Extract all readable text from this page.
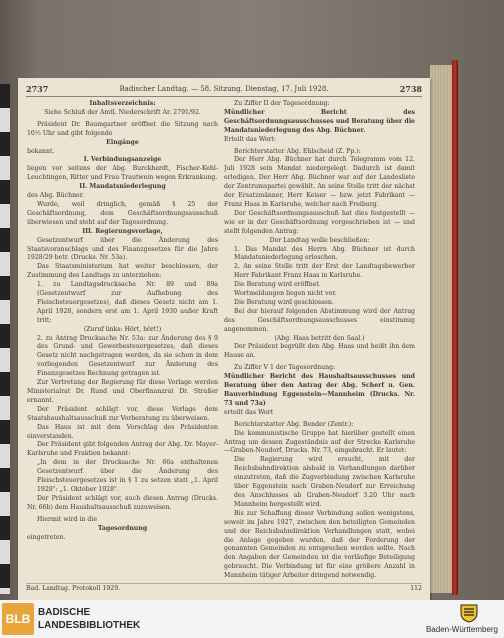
2737	Badischer Landtag. — 58. Sitzung. Dienstag, 17. Juli 1928.	2738

Inhaltsverzeichnis:

Siehe Schluß der Amtl. Niederschrift Ar. 2791/92.

Präsident Dr. Baumgartner eröffnet die Sitzung nach 10½ Uhr und gibt folgende

Eingänge

bekannt.

I. Verbindungsanzeige

liegen vor seitens der Abg. Burckhardt, Fischer-Kehl-Leuchtingen, Ritter und Frau Trautwein wegen Erkrankung.

II. Mandatsniederlegung

des Abg. Büchner.

Wurde, weil dringlich, gemäß § 25 der Geschäftsordnung, dem Geschäftsordnungsausschuß überwiesen und steht auf der Tagesordnung.

III. Regierungsvorlage,

Gesetzentwurf über die Änderung des Staatsvoranschlags und des Finanzgesetzes für die Jahre 1928/29 betr. (Drucks. Nr. 53a).

Das Staatsministerium hat weiter beschlossen, der Zustimmung des Landtags zu unterziehen:

1. zu Landtagsdrucksache Nr. 89 und 89a (Gesetzentwurf zur Aufhebung des Fleischsteuergesetzes), daß dieses Gesetz nicht am 1. April 1928, sondern erst am 1. April 1930 außer Kraft tritt;

(Zuruf links: Hört, hört!)

2. zu Antrag Drucksache Nr. 53a: zur Änderung des § 9 des Grund- und Gewerbesteuergesetzes, daß dieses Gesetz nicht nachgetragen werden, da sie schon in dem vorliegenden Gesetzentwurf zur Änderung des Finanzgesetzes Rechnung getragen ist.

Zur Vertretung der Regierung für diese Vorlage werden Ministerialrat Dr. Rund und Oberfinanzrat Dr. Straßer ernannt.

Der Präsident schlägt vor, diese Vorlage dem Staatshaushaltsausschuß zur Vorberatung zu überweisen.

Das Haus ist mit dem Vorschlag des Präsidenten einverstanden.

Der Präsident gibt folgenden Antrag der Abg. Dr. Mayer-Karlsruhe und Fraktion bekannt:

„In dem in der Drucksache Nr. 66a enthaltenen Gesetzentwurf über die Änderung des Fleischsteuergesetzes ist in § 1 zu setzen statt „1. April 1929": „1. Oktober 1928".

Der Präsident schlägt vor, auch diesen Antrag (Drucks. Nr. 66b) dem Haushaltsausschuß zuzuweisen.

Hiermit wird in die

Tagesordnung

eingetreten.

Zu Ziffer II der Tagesordnung:

Mündlicher Bericht des Geschäftsordnungsausschusses und Beratung über die Mandatsniederlegung des Abg. Büchner.

Erteilt das Wort:

Berichterstatter Abg. Ehlscheid (Z. Pp.):

Der Herr Abg. Büchner hat durch Telegramm vom 12. Juli 1928 sein Mandat niedergelegt. Dadurch ist damit erledigen. Der Herr Abg. Büchner war auf der Landesliste der Zentrumspartei gewählt. An seine Stelle tritt der nächst der Ersatzmänner, Herr Keiser — bzw. jetzt Fabrikant — Franz Haas in Karlsruhe, welcher nach Freiburg.

Der Geschäftsordnungsausschuß hat dies festgestellt — wie er in der Geschäftsordnung vorgeschrieben ist — und stellt folgenden Antrag:

Der Landtag wolle beschließen:

1. Das Mandat des Herrn Abg. Büchner ist durch Mandatsniederlegung erloschen.

2. An seine Stelle tritt der Erst der Landtagsbewerber Herr Fabrikant Franz Haas in Karlsruhe.

Die Beratung wird eröffnet.

Wortmeldungen liegen nicht vor.

Die Beratung wird geschlossen.

Bei der hierauf folgenden Abstimmung wird der Antrag des Geschäftsordnungsausschusses einstimmig angenommen.

(Abg. Haas betritt den Saal.)

Der Präsident begrüßt den Abg. Haas und heißt ihn dem Hause an.

Zu Ziffer V 1 der Tagesordnung:

Mündlicher Bericht des Haushaltsausschusses und Beratung über den Antrag der Abg. Scherf u. Gen. Bauverbindung Eggenstein—Mannheim (Drucks. Nr. 73 und 73a)

erteilt das Wort

Berichterstatter Abg. Bender (Zentr.):

Die kommunistische Gruppe hat hierüber gestellt einen Antrag um dessen Zugeständnis auf der Strecke Karlsruhe—Graben-Neudorf, Drucks. Nr. 73, eingebracht. Er lautet:

Die Regierung wird ersucht, mit der Reichsbahndirektion alsbald in Verhandlungen darüber einzutreten, daß die Zugverbindung zwischen Karlsruhe über Eggenstein nach Graben-Neudorf zur Erreichung des Anschlusses ab Graben-Neudorf 3.20 Uhr nach Mannheim hergestellt wird.

Bis zur Schaffung dieser Verbindung sollen wenigstens, soweit im Jahre 1927, zwischen den beteiligten Gemeinden und der Reichsbahndirektion Verhandlungen statt, wobei die Anlage gegeben wurden, daß der Forderung der genannten Gemeinden zu entsprechen werden sollte. Nach den Angaben der Gemeinden ist die vorläufige Beteiligung gebraucht. Die Verbindung ist für eine größere Anzahl in Mannheim tätiger Arbeiter dringend notwendig.

Bad. Landtag. Protokoll 1929.	112
BLB BADISCHE
LANDESBIBLIOTHEK	Baden-Württemberg
